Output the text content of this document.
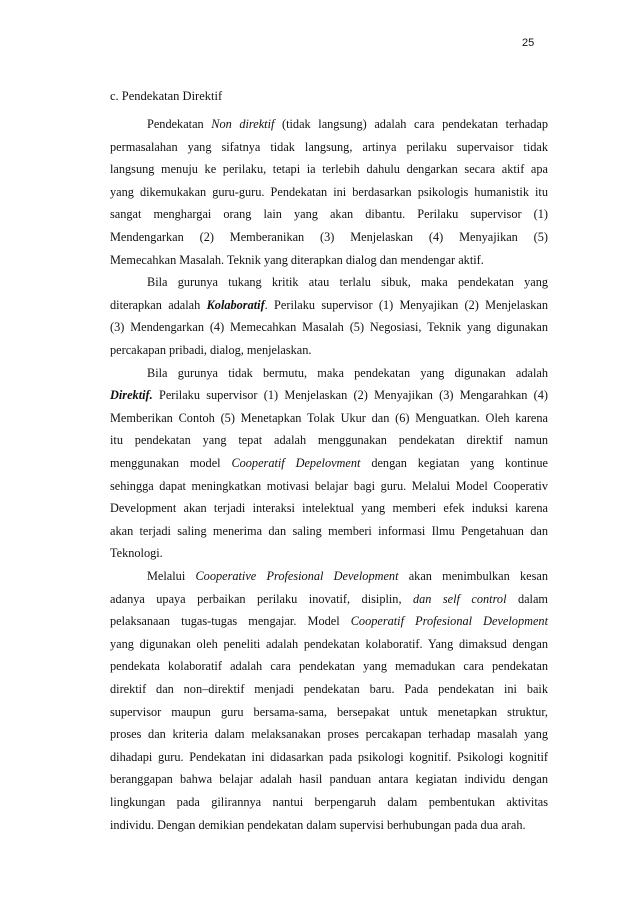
25
c. Pendekatan Direktif
Pendekatan Non direktif (tidak langsung) adalah cara pendekatan terhadap
permasalahan yang sifatnya tidak langsung, artinya perilaku supervaisor tidak
langsung menuju ke perilaku, tetapi ia terlebih dahulu dengarkan secara aktif apa
yang dikemukakan guru-guru. Pendekatan ini berdasarkan psikologis humanistik itu
sangat menghargai orang lain yang akan dibantu. Perilaku supervisor (1)
Mendengarkan (2) Memberanikan (3) Menjelaskan (4) Menyajikan (5)
Memecahkan Masalah. Teknik yang diterapkan dialog dan mendengar aktif.
Bila gurunya tukang kritik atau terlalu sibuk, maka pendekatan yang
diterapkan adalah Kolaboratif. Perilaku supervisor (1) Menyajikan (2) Menjelaskan
(3) Mendengarkan (4) Memecahkan Masalah (5) Negosiasi, Teknik yang digunakan
percakapan pribadi, dialog, menjelaskan.
Bila gurunya tidak bermutu, maka pendekatan yang digunakan adalah
Direktif. Perilaku supervisor (1) Menjelaskan (2) Menyajikan (3) Mengarahkan (4)
Memberikan Contoh (5) Menetapkan Tolak Ukur dan (6) Menguatkan. Oleh karena
itu pendekatan yang tepat adalah menggunakan pendekatan direktif namun
menggunakan model Cooperatif Depelovment dengan kegiatan yang kontinue
sehingga dapat meningkatkan motivasi belajar bagi guru. Melalui Model Cooperativ
Development akan terjadi interaksi intelektual yang memberi efek induksi karena
akan terjadi saling menerima dan saling memberi informasi Ilmu Pengetahuan dan
Teknologi.
Melalui Cooperative Profesional Development akan menimbulkan kesan
adanya upaya perbaikan perilaku inovatif, disiplin, dan self control dalam
pelaksanaan tugas-tugas mengajar. Model Cooperatif Profesional Development
yang digunakan oleh peneliti adalah pendekatan kolaboratif. Yang dimaksud dengan
pendekata kolaboratif adalah cara pendekatan yang memadukan cara pendekatan
direktif dan non–direktif menjadi pendekatan baru. Pada pendekatan ini baik
supervisor maupun guru bersama-sama, bersepakat untuk menetapkan struktur,
proses dan kriteria dalam melaksanakan proses percakapan terhadap masalah yang
dihadapi guru. Pendekatan ini didasarkan pada psikologi kognitif. Psikologi kognitif
beranggapan bahwa belajar adalah hasil panduan antara kegiatan individu dengan
lingkungan pada gilirannya nantui berpengaruh dalam pembentukan aktivitas
individu. Dengan demikian pendekatan dalam supervisi berhubungan pada dua arah.
